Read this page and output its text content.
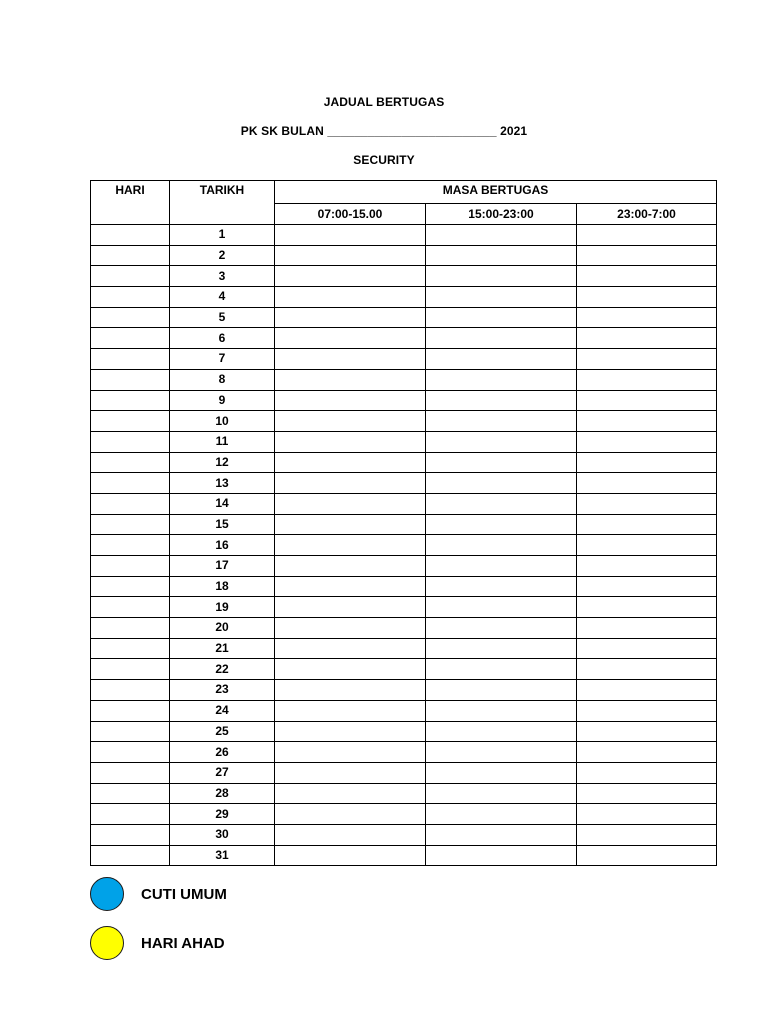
JADUAL BERTUGAS
PK SK BULAN _________________________ 2021
SECURITY
HARI	TARIKH	MASA BERTUGAS		
		07:00-15.00	15:00-23:00	23:00-7:00
	1			
	2			
	3			
	4			
	5			
	6			
	7			
	8			
	9			
	10			
	11			
	12			
	13			
	14			
	15			
	16			
	17			
	18			
	19			
	20			
	21			
	22			
	23			
	24			
	25			
	26			
	27			
	28			
	29			
	30			
	31			
CUTI UMUM
HARI AHAD
